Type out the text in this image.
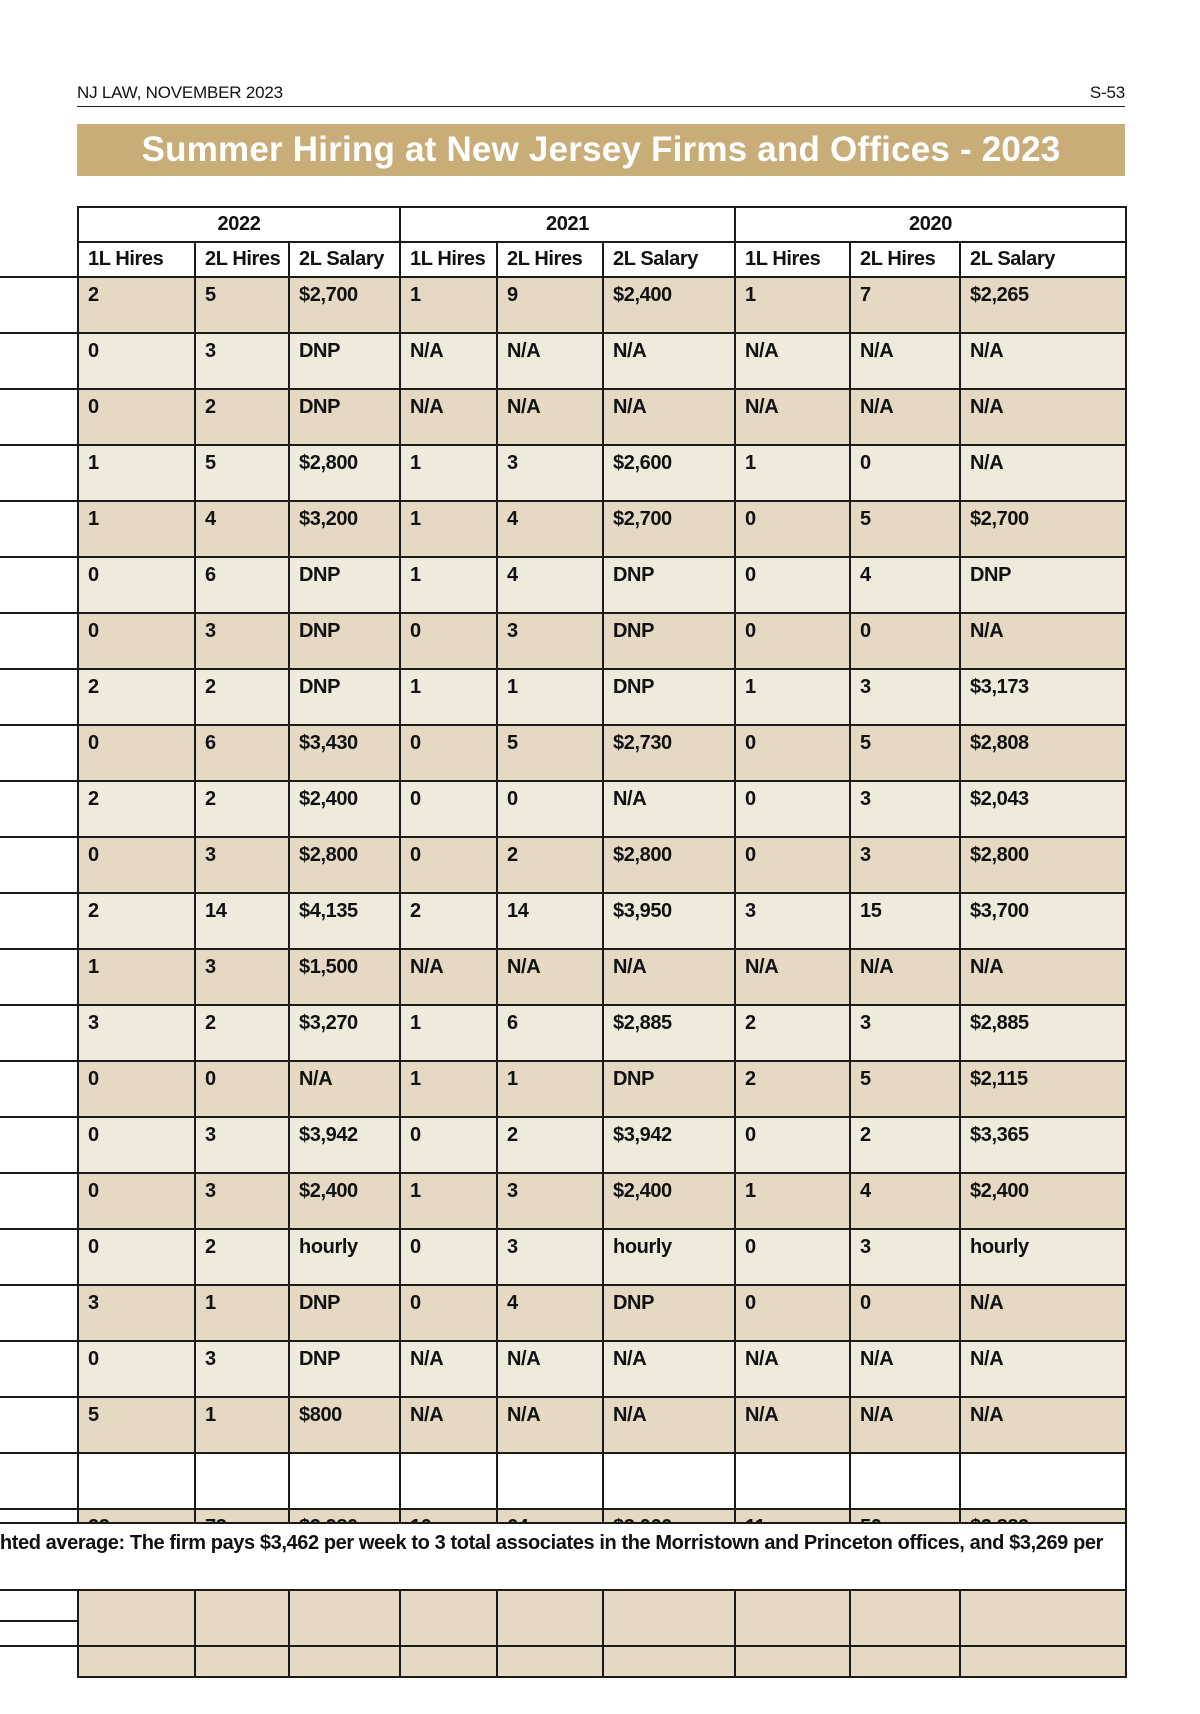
NJ LAW, NOVEMBER 2023	S-53
Summer Hiring at New Jersey Firms and Offices - 2023
2022			2021			2020		
1L Hires	2L Hires	2L Salary	1L Hires	2L Hires	2L Salary	1L Hires	2L Hires	2L Salary
2	5	$2,700	1	9	$2,400	1	7	$2,265
0	3	DNP	N/A	N/A	N/A	N/A	N/A	N/A
0	2	DNP	N/A	N/A	N/A	N/A	N/A	N/A
1	5	$2,800	1	3	$2,600	1	0	N/A
1	4	$3,200	1	4	$2,700	0	5	$2,700
0	6	DNP	1	4	DNP	0	4	DNP
0	3	DNP	0	3	DNP	0	0	N/A
2	2	DNP	1	1	DNP	1	3	$3,173
0	6	$3,430	0	5	$2,730	0	5	$2,808
2	2	$2,400	0	0	N/A	0	3	$2,043
0	3	$2,800	0	2	$2,800	0	3	$2,800
2	14	$4,135	2	14	$3,950	3	15	$3,700
1	3	$1,500	N/A	N/A	N/A	N/A	N/A	N/A
3	2	$3,270	1	6	$2,885	2	3	$2,885
0	0	N/A	1	1	DNP	2	5	$2,115
0	3	$3,942	0	2	$3,942	0	2	$3,365
0	3	$2,400	1	3	$2,400	1	4	$2,400
0	2	hourly	0	3	hourly	0	3	hourly
3	1	DNP	0	4	DNP	0	0	N/A
0	3	DNP	N/A	N/A	N/A	N/A	N/A	N/A
5	1	$800	N/A	N/A	N/A	N/A	N/A	N/A

hted average: The firm pays $3,462 per week to 3 total associates in the Morristown and Princeton offices, and $3,269 per
